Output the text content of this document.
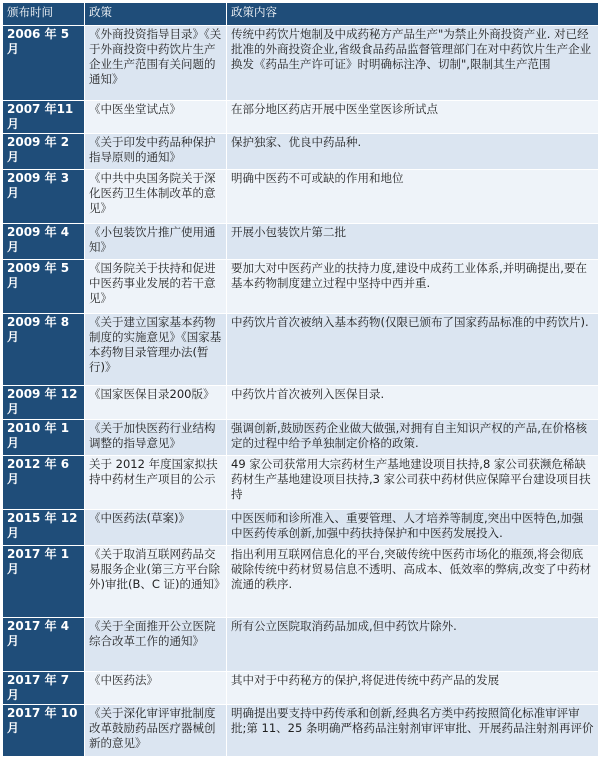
颁布时间	政策	政策内容
2006 年 5 月	《外商投资指导目录》《关于外商投资中药饮片生产企业生产范围有关问题的通知》	传统中药饮片炮制及中成药秘方产品生产"为禁止外商投资产业. 对已经批准的外商投资企业,省级食品药品监督管理部门在对中药饮片生产企业换发《药品生产许可证》时明确标注净、切制",限制其生产范围
2007 年11 月	《中医坐堂试点》	在部分地区药店开展中医坐堂医诊所试点
2009 年 2 月	《关于印发中药品种保护指导原则的通知》	保护独家、优良中药品种.
2009 年 3 月	《中共中央国务院关于深化医药卫生体制改革的意见》	明确中医药不可或缺的作用和地位
2009 年 4 月	《小包装饮片推广使用通知》	开展小包装饮片第二批
2009 年 5 月	《国务院关于扶持和促进中医药事业发展的若干意见》	要加大对中医药产业的扶持力度,建设中成药工业体系,并明确提出,要在基本药物制度建立过程中坚持中西并重.
2009 年 8 月	《关于建立国家基本药物制度的实施意见》《国家基本药物目录管理办法(暂行)》	中药饮片首次被纳入基本药物(仅限已颁布了国家药品标准的中药饮片).
2009 年 12 月	《国家医保目录200版》	中药饮片首次被列入医保目录.
2010 年 1 月	《关于加快医药行业结构调整的指导意见》	强调创新,鼓励医药企业做大做强,对拥有自主知识产权的产品,在价格核定的过程中给予单独制定价格的政策.
2012 年 6 月	关于 2012 年度国家拟扶持中药材生产项目的公示	49 家公司获常用大宗药材生产基地建设项目扶持,8 家公司获濒危稀缺药材生产基地建设项目扶持,3 家公司获中药材供应保障平台建设项目扶持
2015 年 12 月	《中医药法(草案)》	中医医师和诊所准入、重要管理、人才培养等制度,突出中医特色,加强中医药传承创新,加强中药扶持保护和中医药发展投入.
2017 年 1 月	《关于取消互联网药品交易服务企业(第三方平台除外)审批(B、C 证)的通知》	指出利用互联网信息化的平台,突破传统中医药市场化的瓶颈,将会彻底破除传统中药材贸易信息不透明、高成本、低效率的弊病,改变了中药材流通的秩序.
2017 年 4 月	《关于全面推开公立医院综合改革工作的通知》	所有公立医院取消药品加成,但中药饮片除外.
2017 年 7 月	《中医药法》	其中对于中药秘方的保护,将促进传统中药产品的发展
2017 年 10 月	《关于深化审评审批制度改革鼓励药品医疗器械创新的意见》	明确提出要支持中药传承和创新,经典名方类中药按照简化标准审评审批;第 11、25 条明确严格药品注射剂审评审批、开展药品注射剂再评价
